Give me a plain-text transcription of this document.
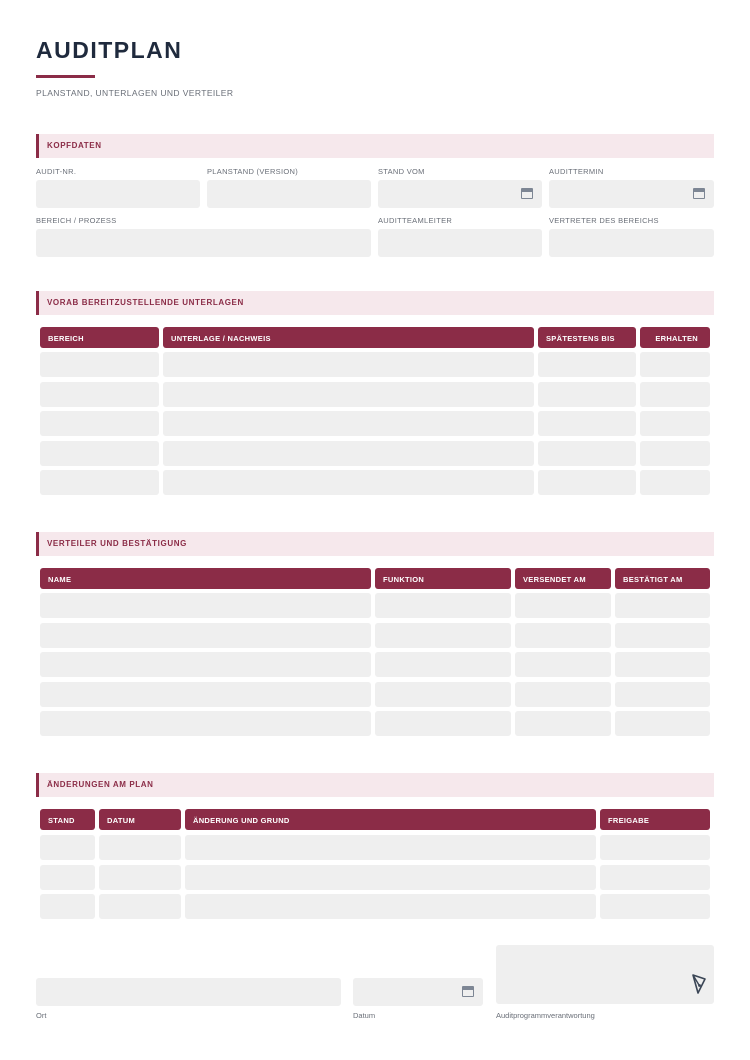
AUDITPLAN
PLANSTAND, UNTERLAGEN UND VERTEILER
KOPFDATEN
AUDIT-NR.	PLANSTAND (VERSION)	STAND VOM	AUDITTERMIN
BEREICH / PROZESS	AUDITTEAMLEITER	VERTRETER DES BEREICHS
VORAB BEREITZUSTELLENDE UNTERLAGEN
BEREICH	UNTERLAGE / NACHWEIS	SPÄTESTENS BIS	ERHALTEN
VERTEILER UND BESTÄTIGUNG
NAME	FUNKTION	VERSENDET AM	BESTÄTIGT AM
ÄNDERUNGEN AM PLAN
STAND	DATUM	ÄNDERUNG UND GRUND	FREIGABE
Ort	Datum	Auditprogrammverantwortung
